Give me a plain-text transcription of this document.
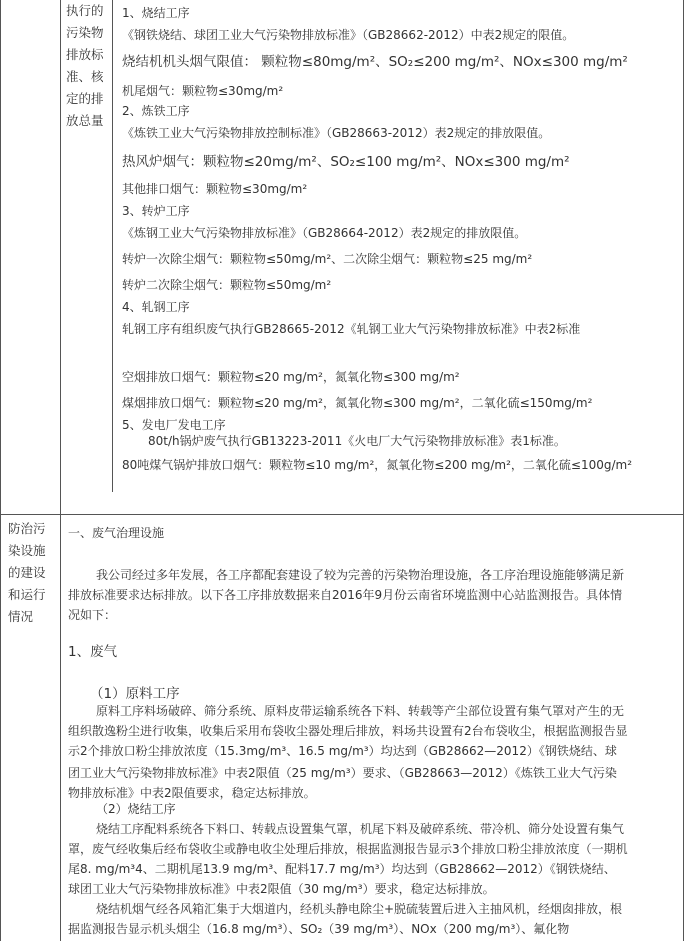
执行的污染物排放标准、核定的排放总量
1、烧结工序
《钢铁烧结、球团工业大气污染物排放标准》（GB28662-2012）中表2规定的限值。
烧结机机头烟气限值： 颗粒物≤80mg/m²、SO₂≤200 mg/m²、NOx≤300 mg/m²
机尾烟气：颗粒物≤30mg/m²
2、炼铁工序
《炼铁工业大气污染物排放控制标准》（GB28663-2012）表2规定的排放限值。
热风炉烟气：颗粒物≤20mg/m²、SO₂≤100 mg/m²、NOx≤300 mg/m²
其他排口烟气：颗粒物≤30mg/m²
3、转炉工序
《炼钢工业大气污染物排放标准》（GB28664-2012）表2规定的排放限值。
转炉一次除尘烟气：颗粒物≤50mg/m²、二次除尘烟气：颗粒物≤25 mg/m²
转炉二次除尘烟气：颗粒物≤50mg/m²
4、轧钢工序
轧钢工序有组织废气执行GB28665-2012《轧钢工业大气污染物排放标准》中表2标准
空烟排放口烟气：颗粒物≤20 mg/m²，氮氧化物≤300 mg/m²
煤烟排放口烟气：颗粒物≤20 mg/m²，氮氧化物≤300 mg/m²，二氧化硫≤150mg/m²
5、发电厂发电工序
80t/h锅炉废气执行GB13223-2011《火电厂大气污染物排放标准》表1标准。
80吨煤气锅炉排放口烟气：颗粒物≤10 mg/m²，氮氧化物≤200 mg/m²，二氧化硫≤100g/m²
防治污染设施的建设和运行情况
一、废气治理设施
我公司经过多年发展，各工序都配套建设了较为完善的污染物治理设施，各工序治理设施能够满足新
排放标准要求达标排放。以下各工序排放数据来自2016年9月份云南省环境监测中心站监测报告。具体情
况如下：
1、废气
（1）原料工序
原料工序料场破碎、筛分系统、原料皮带运输系统各下料、转载等产尘部位设置有集气罩对产生的无
组织散逸粉尘进行收集，收集后采用布袋收尘器处理后排放，料场共设置有2台布袋收尘，根据监测报告显
示2个排放口粉尘排放浓度（15.3mg/m³、16.5 mg/m³）均达到（GB28662—2012）《钢铁烧结、球
团工业大气污染物排放标准》中表2限值（25 mg/m³）要求、（GB28663—2012）《炼铁工业大气污染
物排放标准》中表2限值要求，稳定达标排放。
（2）烧结工序
烧结工序配料系统各下料口、转载点设置集气罩，机尾下料及破碎系统、带冷机、筛分处设置有集气
罩，废气经收集后经布袋收尘或静电收尘处理后排放，根据监测报告显示3个排放口粉尘排放浓度（一期机
尾8. mg/m³4、二期机尾13.9 mg/m³、配料17.7 mg/m³）均达到（GB28662—2012）《钢铁烧结、
球团工业大气污染物排放标准》中表2限值（30 mg/m³）要求，稳定达标排放。
烧结机烟气经各风箱汇集于大烟道内，经机头静电除尘+脱硫装置后进入主抽风机，经烟囱排放，根
据监测报告显示机头烟尘（16.8 mg/m³）、SO₂（39 mg/m³）、NOx（200 mg/m³）、氟化物
